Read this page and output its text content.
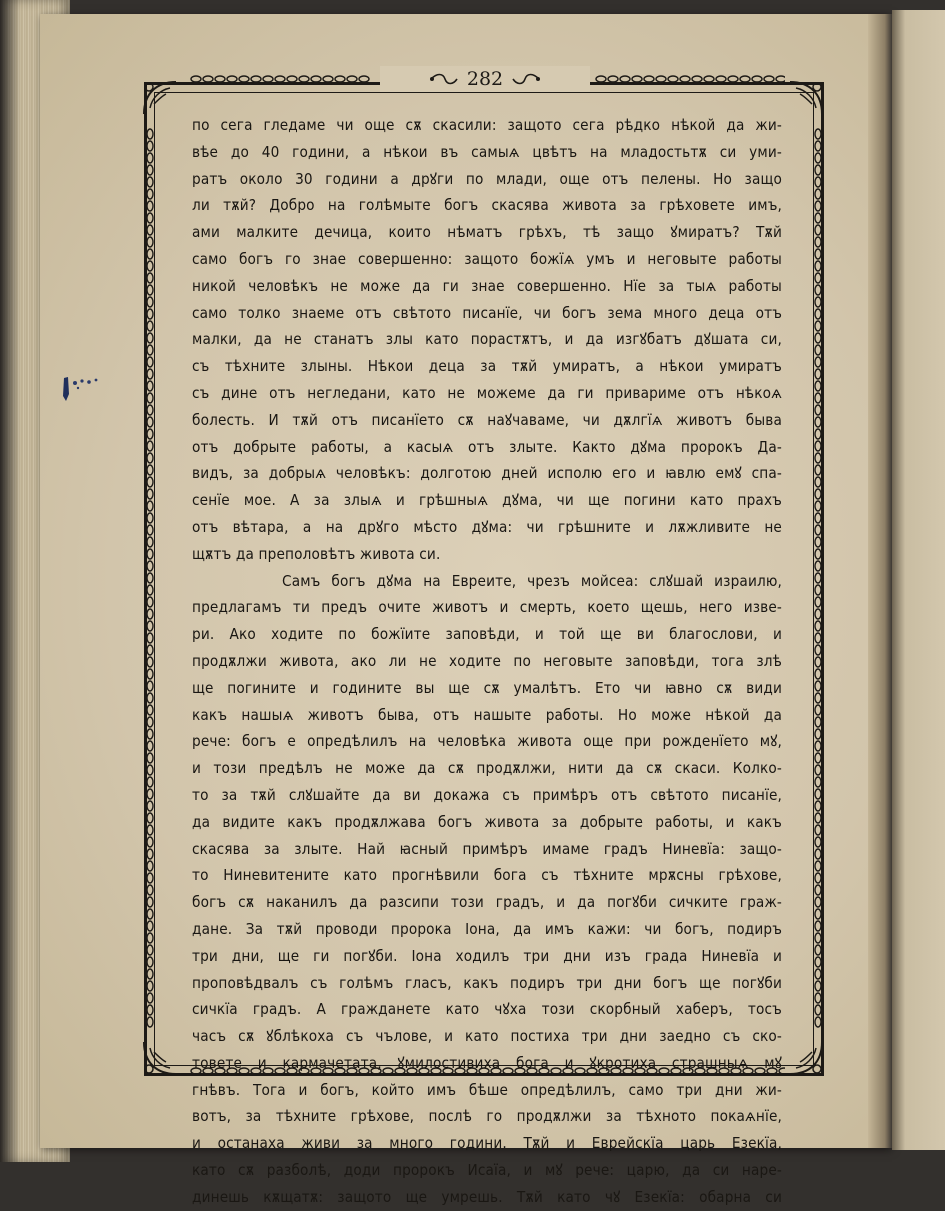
282
по сега гледаме чи още сѫ скасили: защото сега рѣдко нѣкой да жи-
вѣе до 40 години, а нѣкои въ самыѧ цвѣтъ на младостьтѫ си уми-
ратъ около 30 години а дрꙋги по млади, още отъ пелены. Но защо
ли тѫй? Добро на голѣмыте богъ скасява живота за грѣховете имъ,
ами малките дечица, които нѣматъ грѣхъ, тѣ защо ꙋмиратъ? Тѫй
само богъ го знае совершенно: защото божїѧ умъ и неговыте работы
никой человѣкъ не може да ги знае совершенно. Нїе за тыѧ работы
само толко знаеме отъ свѣтото писанїе, чи богъ зема много деца отъ
малки, да не станатъ злы като порастѫтъ, и да изгꙋбатъ дꙋшата си,
съ тѣхните злыны. Нѣкои деца за тѫй умиратъ, а нѣкои умиратъ
съ дине отъ негледани, като не можеме да ги привариме отъ нѣкоѧ
болесть. И тѫй отъ писанїето сѫ наꙋчаваме, чи дѫлгїѧ животъ быва
отъ добрыте работы, а касыѧ отъ злыте. Както дꙋма пророкъ Да-
видъ, за добрыѧ человѣкъ: долготою дней исполю его и ꙗвлю емꙋ спа-
сенїе мое. А за злыѧ и грѣшныѧ дꙋма, чи ще погини като прахъ
отъ вѣтара, а на дрꙋго мѣсто дꙋма: чи грѣшните и лѫжливите не
щѫтъ да преполовѣтъ живота си.
Самъ богъ дꙋма на Евреите, чрезъ мойсеа: слꙋшай израилю,
предлагамъ ти предъ очите животъ и смерть, което щешь, него изве-
ри. Ако ходите по божїите заповѣди, и той ще ви благослови, и
продѫлжи живота, ако ли не ходите по неговыте заповѣди, тога злѣ
ще погините и годините вы ще сѫ умалѣтъ. Ето чи ꙗвно сѫ види
какъ нашыѧ животъ быва, отъ нашыте работы. Но може нѣкой да
рече: богъ е опредѣлилъ на человѣка живота още при рожденїето мꙋ,
и този предѣлъ не може да сѫ продѫлжи, нити да сѫ скаси. Колко-
то за тѫй слꙋшайте да ви докажа съ примѣръ отъ свѣтото писанїе,
да видите какъ продѫлжава богъ живота за добрыте работы, и какъ
скасява за злыте. Най ꙗсный примѣръ имаме градъ Ниневїа: защо-
то Ниневитените като прогнѣвили бога съ тѣхните мрѫсны грѣхове,
богъ сѫ наканилъ да разсипи този градъ, и да погꙋби сичките граж-
дане. За тѫй проводи пророка Іона, да имъ кажи: чи богъ, подиръ
три дни, ще ги погꙋби. Іона ходилъ три дни изъ града Ниневїа и
проповѣдвалъ съ голѣмъ гласъ, какъ подиръ три дни богъ ще погꙋби
сичкїа градъ. А гражданете като чꙋха този скорбный хаберъ, тосъ
часъ сѫ ꙋблѣкоха съ чълове, и като постиха три дни заедно съ ско-
товете и кармачетата, ꙋмилостивиха бога и ꙋкротиха страшныѧ мꙋ
гнѣвъ. Тога и богъ, който имъ бѣше опредѣлилъ, само три дни жи-
вотъ, за тѣхните грѣхове, послѣ го продѫлжи за тѣхното покаѧнїе,
и останаха живи за много години. Тѫй и Еврейскїа царь Езекїа,
като сѫ разболѣ, доди пророкъ Исаїа, и мꙋ рече: царю, да си наре-
динешь кѫщатѫ: защото ще умрешь. Тѫй като чꙋ Езекїа: обарна си
